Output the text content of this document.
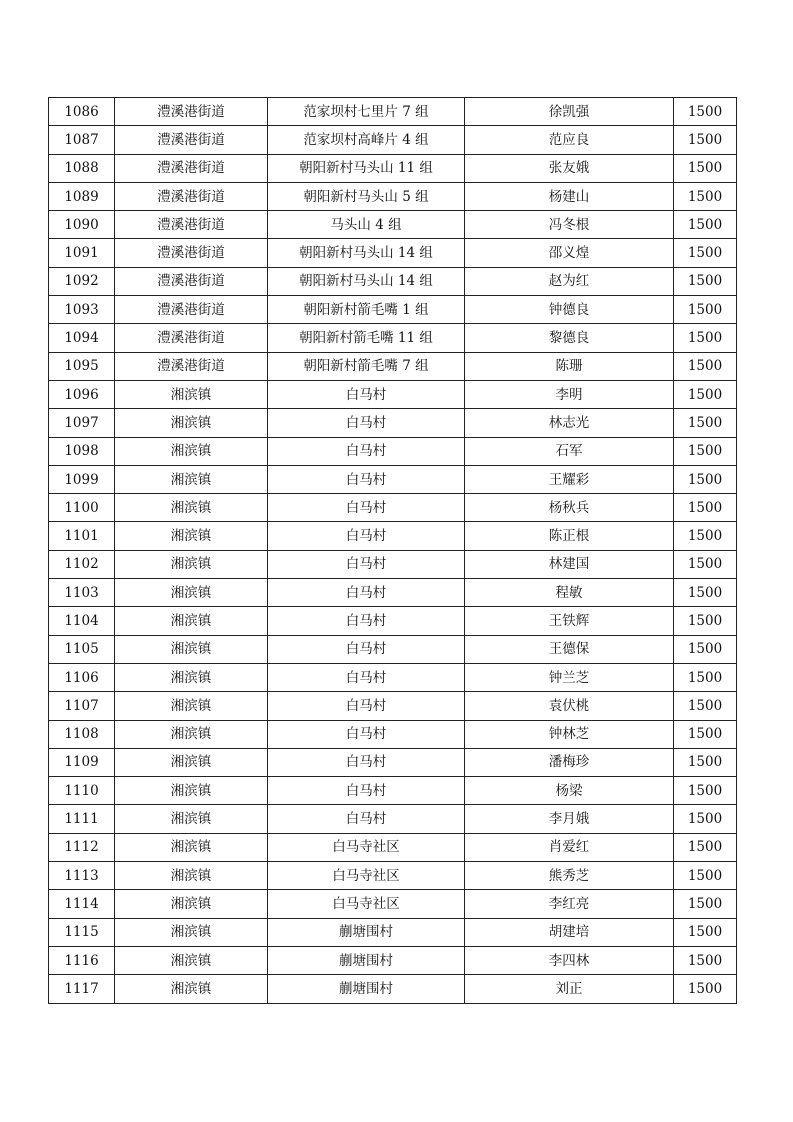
1086	澧溪港街道	范家坝村七里片 7 组	徐凯强	1500
1087	澧溪港街道	范家坝村高峰片 4 组	范应良	1500
1088	澧溪港街道	朝阳新村马头山 11 组	张友娥	1500
1089	澧溪港街道	朝阳新村马头山 5 组	杨建山	1500
1090	澧溪港街道	马头山 4 组	冯冬根	1500
1091	澧溪港街道	朝阳新村马头山 14 组	邵义煌	1500
1092	澧溪港街道	朝阳新村马头山 14 组	赵为红	1500
1093	澧溪港街道	朝阳新村箭毛嘴 1 组	钟德良	1500
1094	澧溪港街道	朝阳新村箭毛嘴 11 组	黎德良	1500
1095	澧溪港街道	朝阳新村箭毛嘴 7 组	陈珊	1500
1096	湘滨镇	白马村	李明	1500
1097	湘滨镇	白马村	林志光	1500
1098	湘滨镇	白马村	石军	1500
1099	湘滨镇	白马村	王耀彩	1500
1100	湘滨镇	白马村	杨秋兵	1500
1101	湘滨镇	白马村	陈正根	1500
1102	湘滨镇	白马村	林建国	1500
1103	湘滨镇	白马村	程敏	1500
1104	湘滨镇	白马村	王铁辉	1500
1105	湘滨镇	白马村	王德保	1500
1106	湘滨镇	白马村	钟兰芝	1500
1107	湘滨镇	白马村	袁伏桃	1500
1108	湘滨镇	白马村	钟林芝	1500
1109	湘滨镇	白马村	潘梅珍	1500
1110	湘滨镇	白马村	杨梁	1500
1111	湘滨镇	白马村	李月娥	1500
1112	湘滨镇	白马寺社区	肖爱红	1500
1113	湘滨镇	白马寺社区	熊秀芝	1500
1114	湘滨镇	白马寺社区	李红亮	1500
1115	湘滨镇	蒯塘围村	胡建培	1500
1116	湘滨镇	蒯塘围村	李四林	1500
1117	湘滨镇	蒯塘围村	刘正	1500
